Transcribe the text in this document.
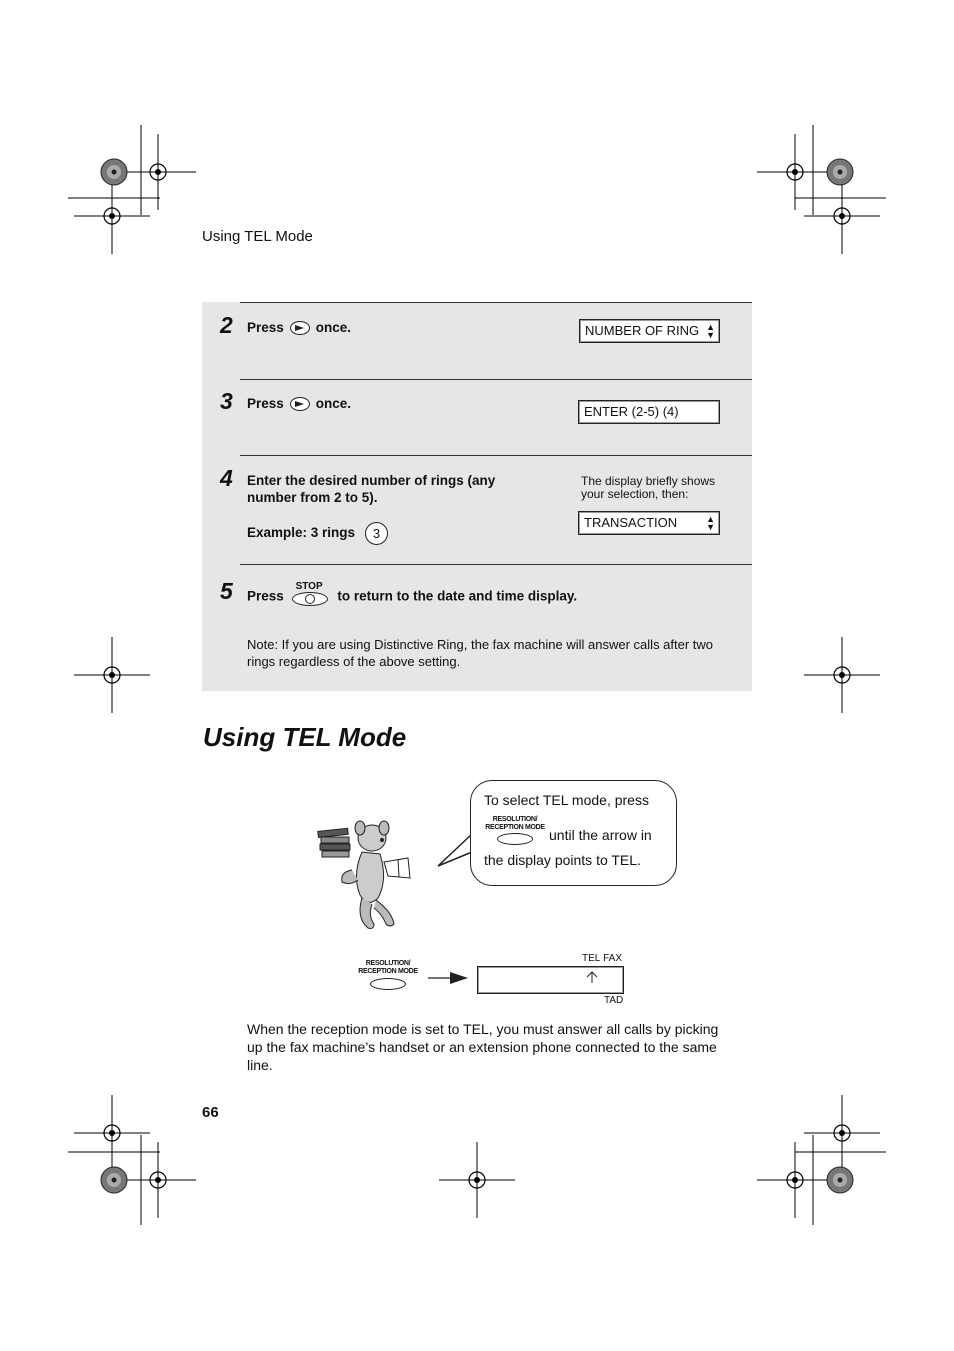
Using TEL Mode
2 Press once.	NUMBER OF RING ▲
▼
3 Press once.
ENTER (2-5) (4)
4 Enter the desired number of rings (any
number from 2 to 5).
Example: 3 rings 3
The display briefly shows
your selection, then:
TRANSACTION	▲
▼
5 Press
STOP
to return to the date and time display.
Note: If you are using Distinctive Ring, the fax machine will answer calls after two
rings regardless of the above setting.
Using TEL Mode
To select TEL mode, press
RESOLUTION/
RECEPTION MODE until the arrow in
the display points to TEL.
RESOLUTION/
RECEPTION MODE
TEL FAX
TAD
When the reception mode is set to TEL, you must answer all calls by picking
up the fax machine’s handset or an extension phone connected to the same
line.
66
